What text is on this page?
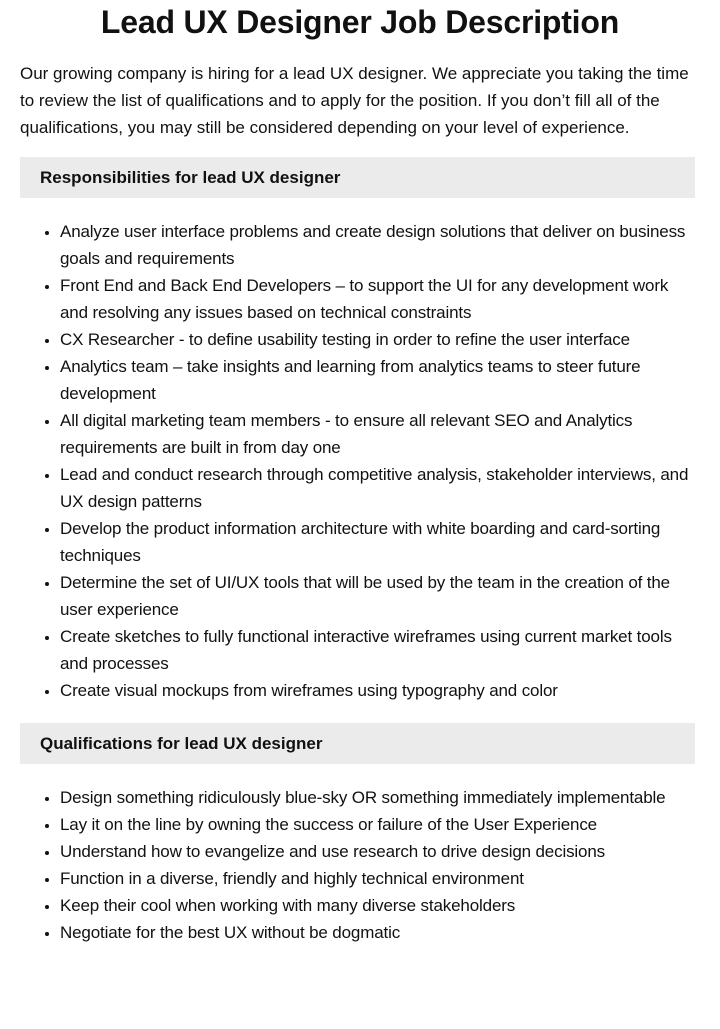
Lead UX Designer Job Description

Our growing company is hiring for a lead UX designer. We appreciate you taking the time to review the list of qualifications and to apply for the position. If you don’t fill all of the qualifications, you may still be considered depending on your level of experience.

Responsibilities for lead UX designer
• Analyze user interface problems and create design solutions that deliver on business goals and requirements
• Front End and Back End Developers – to support the UI for any development work and resolving any issues based on technical constraints
• CX Researcher - to define usability testing in order to refine the user interface
• Analytics team – take insights and learning from analytics teams to steer future development
• All digital marketing team members - to ensure all relevant SEO and Analytics requirements are built in from day one
• Lead and conduct research through competitive analysis, stakeholder interviews, and UX design patterns
• Develop the product information architecture with white boarding and card-sorting techniques
• Determine the set of UI/UX tools that will be used by the team in the creation of the user experience
• Create sketches to fully functional interactive wireframes using current market tools and processes
• Create visual mockups from wireframes using typography and color
Qualifications for lead UX designer
• Design something ridiculously blue-sky OR something immediately implementable
• Lay it on the line by owning the success or failure of the User Experience
• Understand how to evangelize and use research to drive design decisions
• Function in a diverse, friendly and highly technical environment
• Keep their cool when working with many diverse stakeholders
• Negotiate for the best UX without be dogmatic
